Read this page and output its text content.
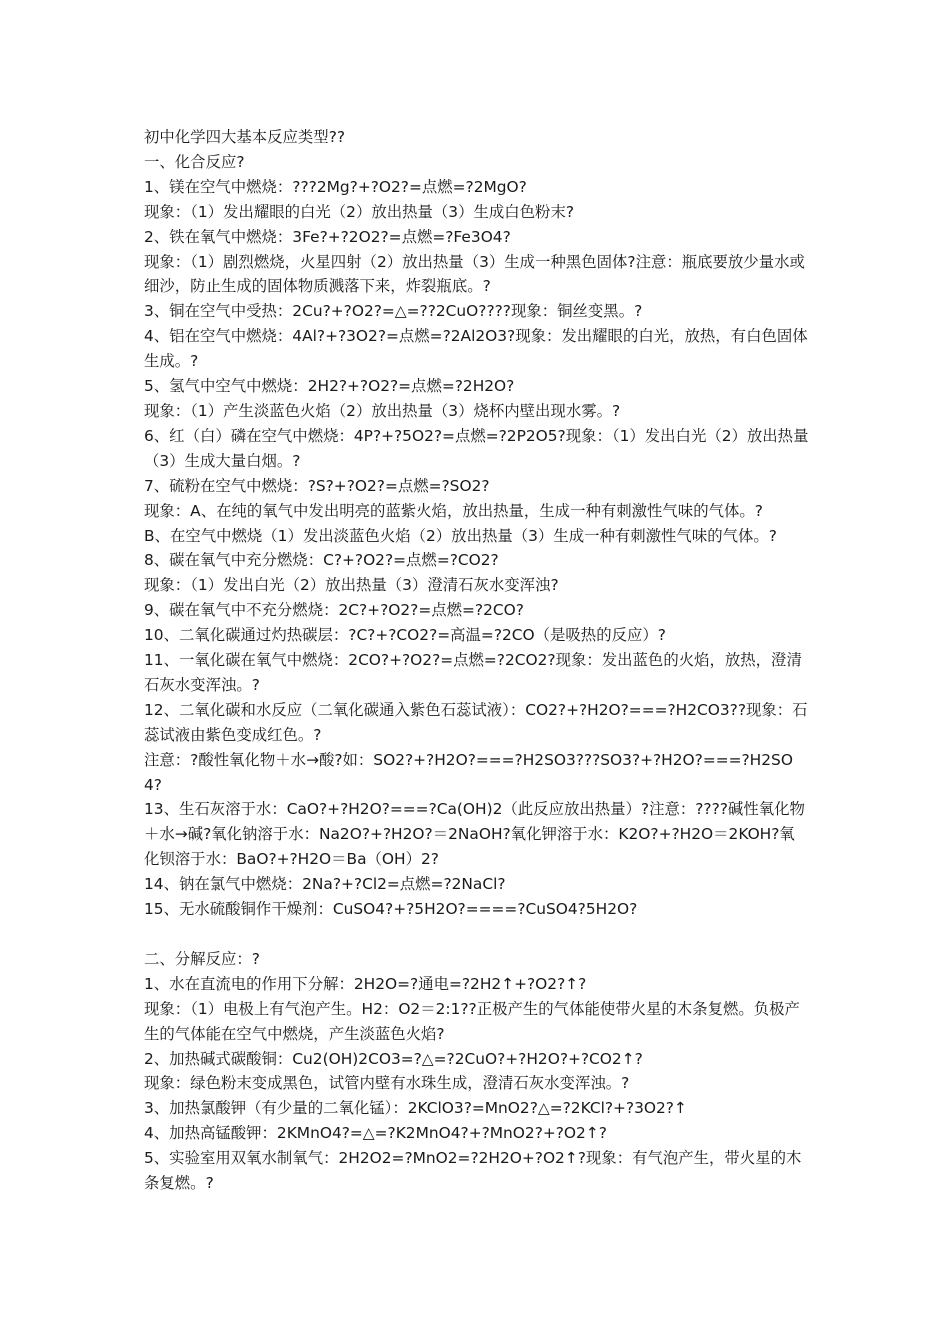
初中化学四大基本反应类型??

一、化合反应?

1、镁在空气中燃烧：???2Mg?+?O2?=点燃=?2MgO?

现象：（1）发出耀眼的白光（2）放出热量（3）生成白色粉末?

2、铁在氧气中燃烧：3Fe?+?2O2?=点燃=?Fe3O4?

现象：（1）剧烈燃烧，火星四射（2）放出热量（3）生成一种黑色固体?注意：瓶底要放少量水或细沙，防止生成的固体物质溅落下来，炸裂瓶底。?

3、铜在空气中受热：2Cu?+?O2?=△=??2CuO????现象：铜丝变黑。?

4、铝在空气中燃烧：4Al?+?3O2?=点燃=?2Al2O3?现象：发出耀眼的白光，放热，有白色固体生成。?

5、氢气中空气中燃烧：2H2?+?O2?=点燃=?2H2O?

现象：（1）产生淡蓝色火焰（2）放出热量（3）烧杯内壁出现水雾。?

6、红（白）磷在空气中燃烧：4P?+?5O2?=点燃=?2P2O5?现象：（1）发出白光（2）放出热量（3）生成大量白烟。?

7、硫粉在空气中燃烧：?S?+?O2?=点燃=?SO2?

现象：A、在纯的氧气中发出明亮的蓝紫火焰，放出热量，生成一种有刺激性气味的气体。?

B、在空气中燃烧（1）发出淡蓝色火焰（2）放出热量（3）生成一种有刺激性气味的气体。?

8、碳在氧气中充分燃烧：C?+?O2?=点燃=?CO2?

现象：（1）发出白光（2）放出热量（3）澄清石灰水变浑浊?

9、碳在氧气中不充分燃烧：2C?+?O2?=点燃=?2CO?

10、二氧化碳通过灼热碳层：?C?+?CO2?=高温=?2CO（是吸热的反应）?

11、一氧化碳在氧气中燃烧：2CO?+?O2?=点燃=?2CO2?现象：发出蓝色的火焰，放热，澄清石灰水变浑浊。?

12、二氧化碳和水反应（二氧化碳通入紫色石蕊试液）：CO2?+?H2O?===?H2CO3??现象：石蕊试液由紫色变成红色。?

注意：?酸性氧化物＋水→酸?如：SO2?+?H2O?===?H2SO3???SO3?+?H2O?===?H2SO4?

13、生石灰溶于水：CaO?+?H2O?===?Ca(OH)2（此反应放出热量）?注意：????碱性氧化物＋水→碱?氧化钠溶于水：Na2O?+?H2O?＝2NaOH?氧化钾溶于水：K2O?+?H2O＝2KOH?氧化钡溶于水：BaO?+?H2O＝Ba（OH）2?

14、钠在氯气中燃烧：2Na?+?Cl2=点燃=?2NaCl?

15、无水硫酸铜作干燥剂：CuSO4?+?5H2O?====?CuSO4?5H2O?

二、分解反应：?

1、水在直流电的作用下分解：2H2O=?通电=?2H2↑+?O2?↑?

现象：（1）电极上有气泡产生。H2：O2＝2:1??正极产生的气体能使带火星的木条复燃。负极产生的气体能在空气中燃烧，产生淡蓝色火焰?

2、加热碱式碳酸铜：Cu2(OH)2CO3=?△=?2CuO?+?H2O?+?CO2↑?

现象：绿色粉末变成黑色，试管内壁有水珠生成，澄清石灰水变浑浊。?

3、加热氯酸钾（有少量的二氧化锰）：2KClO3?=MnO2?△=?2KCl?+?3O2?↑

4、加热高锰酸钾：2KMnO4?=△=?K2MnO4?+?MnO2?+?O2↑?

5、实验室用双氧水制氧气：2H2O2=?MnO2=?2H2O+?O2↑?现象：有气泡产生，带火星的木条复燃。?
